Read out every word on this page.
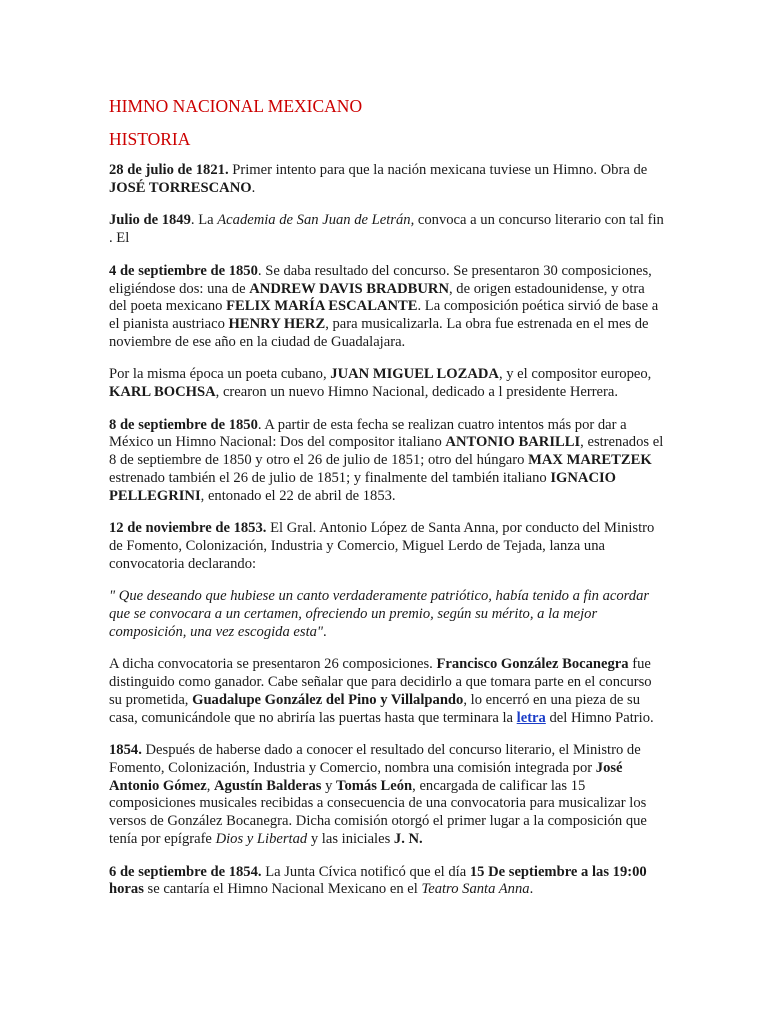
HIMNO NACIONAL MEXICANO
HISTORIA

28 de julio de 1821. Primer intento para que la nación mexicana tuviese un Himno. Obra de JOSÉ TORRESCANO.

Julio de 1849. La Academia de San Juan de Letrán, convoca a un concurso literario con tal fin . El

4 de septiembre de 1850. Se daba resultado del concurso. Se presentaron 30 composiciones, eligiéndose dos: una de ANDREW DAVIS BRADBURN, de origen estadounidense, y otra del poeta mexicano FELIX MARÍA ESCALANTE. La composición poética sirvió de base a el pianista austriaco HENRY HERZ, para musicalizarla. La obra fue estrenada en el mes de noviembre de ese año en la ciudad de Guadalajara.

Por la misma época un poeta cubano, JUAN MIGUEL LOZADA, y el compositor europeo, KARL BOCHSA, crearon un nuevo Himno Nacional, dedicado a l presidente Herrera.

8 de septiembre de 1850. A partir de esta fecha se realizan cuatro intentos más por dar a México un Himno Nacional: Dos del compositor italiano ANTONIO BARILLI, estrenados el 8 de septiembre de 1850 y otro el 26 de julio de 1851; otro del húngaro MAX MARETZEK estrenado también el 26 de julio de 1851; y finalmente del también italiano IGNACIO PELLEGRINI, entonado el 22 de abril de 1853.

12 de noviembre de 1853. El Gral. Antonio López de Santa Anna, por conducto del Ministro de Fomento, Colonización, Industria y Comercio, Miguel Lerdo de Tejada, lanza una convocatoria declarando:

" Que deseando que hubiese un canto verdaderamente patriótico, había tenido a fin acordar que se convocara a un certamen, ofreciendo un premio, según su mérito, a la mejor composición, una vez escogida esta".

A dicha convocatoria se presentaron 26 composiciones. Francisco González Bocanegra fue distinguido como ganador. Cabe señalar que para decidirlo a que tomara parte en el concurso su prometida, Guadalupe González del Pino y Villalpando, lo encerró en una pieza de su casa, comunicándole que no abriría las puertas hasta que terminara la letra del Himno Patrio.

1854. Después de haberse dado a conocer el resultado del concurso literario, el Ministro de Fomento, Colonización, Industria y Comercio, nombra una comisión integrada por José Antonio Gómez, Agustín Balderas y Tomás León, encargada de calificar las 15 composiciones musicales recibidas a consecuencia de una convocatoria para musicalizar los versos de González Bocanegra. Dicha comisión otorgó el primer lugar a la composición que tenía por epígrafe Dios y Libertad y las iniciales J. N.

6 de septiembre de 1854. La Junta Cívica notificó que el día 15 De septiembre a las 19:00 horas se cantaría el Himno Nacional Mexicano en el Teatro Santa Anna.
